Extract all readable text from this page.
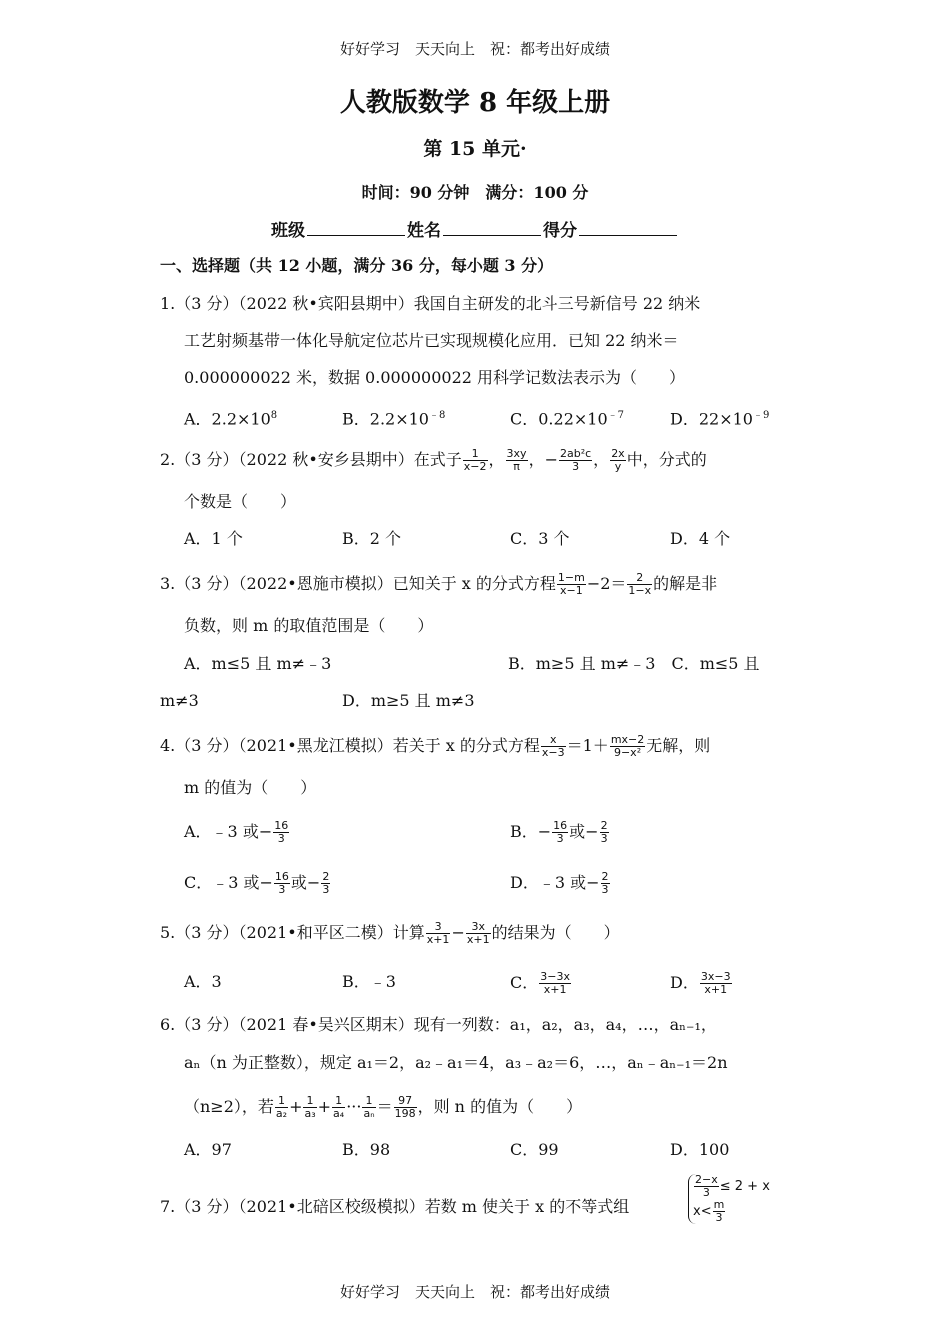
好好学习　天天向上　祝：都考出好成绩
人教版数学 8 年级上册
第 15 单元·
时间：90 分钟　满分：100 分
班级	姓名	得分
一、选择题（共 12 小题，满分 36 分，每小题 3 分）
1.（3 分）（2022 秋•宾阳县期中）我国自主研发的北斗三号新信号 22 纳米
工艺射频基带一体化导航定位芯片已实现规模化应用．已知 22 纳米＝
0.000000022 米，数据 0.000000022 用科学记数法表示为（　　）
A．$2.2\times 10^8$	B．$2.2\times 10^{﹣8}$	C．$0.22\times 10^{﹣7}$	D．$22\times 10^{﹣9}$
2.（3 分）（2022 秋•安乡县期中）在式子 $\frac{1}{x-2}$ ， $\frac{3xy}{\pi}$ ，− $\frac{\text{2ab²c}}{3}$ ， $\frac{2x}{y}$ 中，分式的
个数是（　　）
A．1 个	B．2 个	C．3 个	D．4 个
3.（3 分）（2022•恩施市模拟）已知关于 x 的分式方程 $\frac{1-m}{x-1} -2= \frac{2}{1-x}$ 的解是非
负数，则 m 的取值范围是（　　）
A．m≤5 且 m≠﹣3	B．m≥5 且 m≠﹣3　C．m≤5 且
m≠3	D．m≥5 且 m≠3
4.（3 分）（2021•黑龙江模拟）若关于 x 的分式方程 $\frac{x}{x-3} =1+ \frac{mx-2}{\text{9−x²}}$ 无解，则
m 的值为（　　）
A．﹣3 或− $\frac{16}{3}$	B．− $\frac{16}{3}$ 或− $\frac{2}{3}$
C．﹣3 或− $\frac{16}{3}$ 或− $\frac{2}{3}$	D．﹣3 或− $\frac{2}{3}$
5.（3 分）（2021•和平区二模）计算 $\frac{3}{x+1} - \frac{3x}{x+1}$ 的结果为（　　）
A．3	B．﹣3	C． $\frac{3-3x}{x+1}$	D． $\frac{3x-3}{x+1}$
6.（3 分）（2021 春•吴兴区期末）现有一列数：a₁，a₂，a₃，a₄，…，aₙ₋₁，
aₙ（n 为正整数），规定 a₁＝2，a₂﹣a₁＝4，a₃﹣a₂＝6，…，aₙ﹣aₙ₋₁＝2n
（n≥2），若 $\frac{1}{\text{a₂}} + \frac{1}{\text{a₃}} + \frac{1}{\text{a₄}}$ ··· $\frac{1}{\text{aₙ}} = \frac{97}{198}$ ，则 n 的值为（　　）
A．97	B．98	C．99	D．100
7.（3 分）（2021•北碚区校级模拟）若数 m 使关于 x 的不等式组
$\frac{2-x}{3} \le 2 + x$
$x< \frac{m}{3}$
好好学习　天天向上　祝：都考出好成绩
